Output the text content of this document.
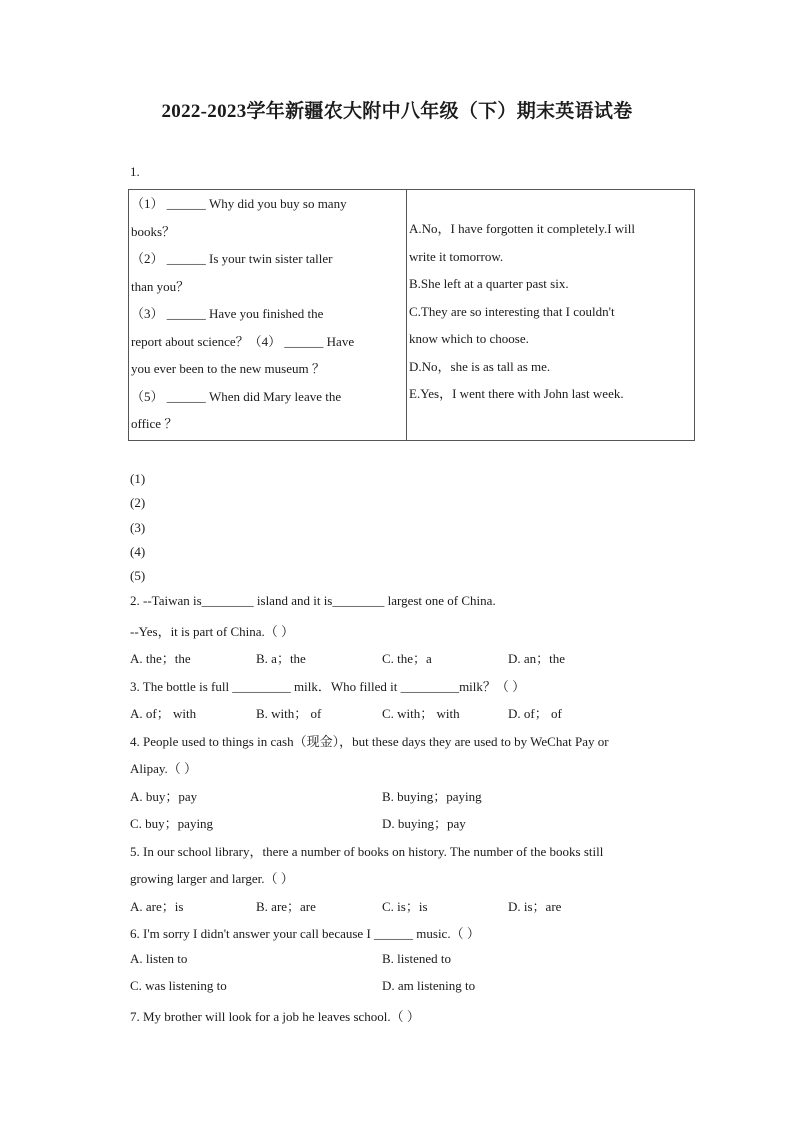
2022-2023学年新疆农大附中八年级（下）期末英语试卷
1.
（1） ______ Why did you buy so many
books？
（2） ______ Is your twin sister taller
than you？
（3） ______ Have you finished the
report about science？（4） ______ Have
you ever been to the new museum ？
（5） ______ When did Mary leave the
office ？

A.No，I have forgotten it completely.I will
write it tomorrow.
B.She left at a quarter past six.
C.They are so interesting that I couldn't
know which to choose.
D.No，she is as tall as me.
E.Yes，I went there with John last week.
(1)
(2)
(3)
(4)
(5)
2. --Taiwan is________ island and it is________ largest one of China.
--Yes，it is part of China.（ ）
A. the；the	B. a；the	C. the；a	D. an；the
3. The bottle is full _________ milk．Who filled it _________milk？（ ）
A. of； with	B. with； of	C. with； with	D. of； of
4. People used to things in cash（现金），but these days they are used to by WeChat Pay or
Alipay.（ ）
A. buy；pay	B. buying；paying
C. buy；paying	D. buying；pay
5. In our school library，there a number of books on history. The number of the books still
growing larger and larger.（ ）
A. are；is	B. are；are	C. is；is	D. is；are
6. I'm sorry I didn't answer your call because I ______ music.（ ）
A. listen to	B. listened to
C. was listening to	D. am listening to
7. My brother will look for a job he leaves school.（ ）
